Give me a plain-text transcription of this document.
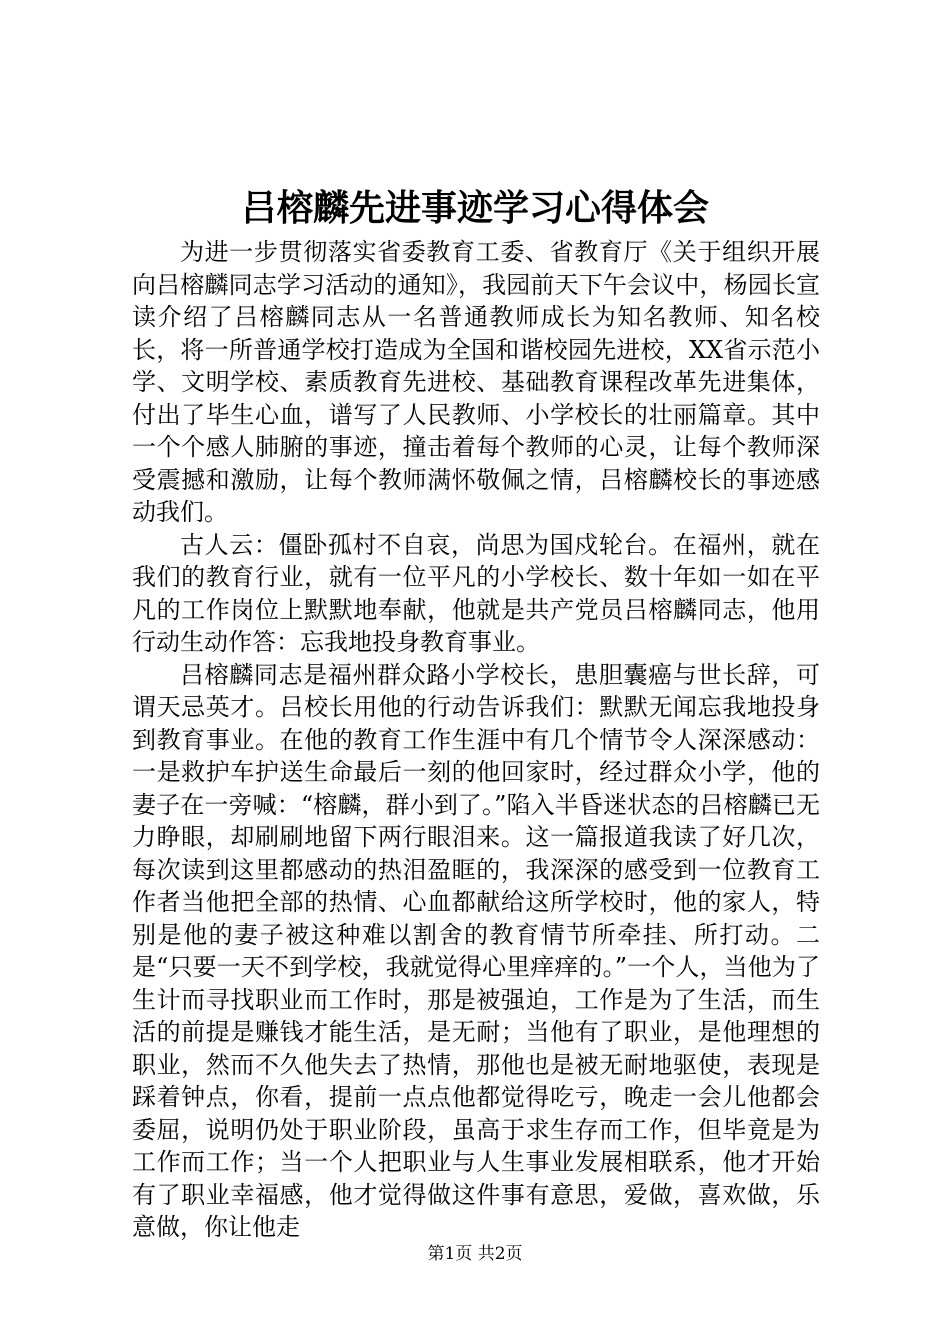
吕榕麟先进事迹学习心得体会

为进一步贯彻落实省委教育工委、省教育厅《关于组织开展向吕榕麟同志学习活动的通知》，我园前天下午会议中，杨园长宣读介绍了吕榕麟同志从一名普通教师成长为知名教师、知名校长，将一所普通学校打造成为全国和谐校园先进校，XX省示范小学、文明学校、素质教育先进校、基础教育课程改革先进集体，付出了毕生心血，谱写了人民教师、小学校长的壮丽篇章。其中一个个感人肺腑的事迹，撞击着每个教师的心灵，让每个教师深受震撼和激励，让每个教师满怀敬佩之情，吕榕麟校长的事迹感动我们。

古人云：僵卧孤村不自哀，尚思为国戍轮台。在福州，就在我们的教育行业，就有一位平凡的小学校长、数十年如一如在平凡的工作岗位上默默地奉献，他就是共产党员吕榕麟同志，他用行动生动作答：忘我地投身教育事业。

吕榕麟同志是福州群众路小学校长，患胆囊癌与世长辞，可谓天忌英才。吕校长用他的行动告诉我们：默默无闻忘我地投身到教育事业。在他的教育工作生涯中有几个情节令人深深感动：一是救护车护送生命最后一刻的他回家时，经过群众小学，他的妻子在一旁喊：“榕麟，群小到了。”陷入半昏迷状态的吕榕麟已无力睁眼，却刷刷地留下两行眼泪来。这一篇报道我读了好几次，每次读到这里都感动的热泪盈眶的，我深深的感受到一位教育工作者当他把全部的热情、心血都献给这所学校时，他的家人，特别是他的妻子被这种难以割舍的教育情节所牵挂、所打动。二是“只要一天不到学校，我就觉得心里痒痒的。”一个人，当他为了生计而寻找职业而工作时，那是被强迫，工作是为了生活，而生活的前提是赚钱才能生活，是无耐；当他有了职业，是他理想的职业，然而不久他失去了热情，那他也是被无耐地驱使，表现是踩着钟点，你看，提前一点点他都觉得吃亏，晚走一会儿他都会委屈，说明仍处于职业阶段，虽高于求生存而工作，但毕竟是为工作而工作；当一个人把职业与人生事业发展相联系，他才开始有了职业幸福感，他才觉得做这件事有意思，爱做，喜欢做，乐意做，你让他走

第1页 共2页
